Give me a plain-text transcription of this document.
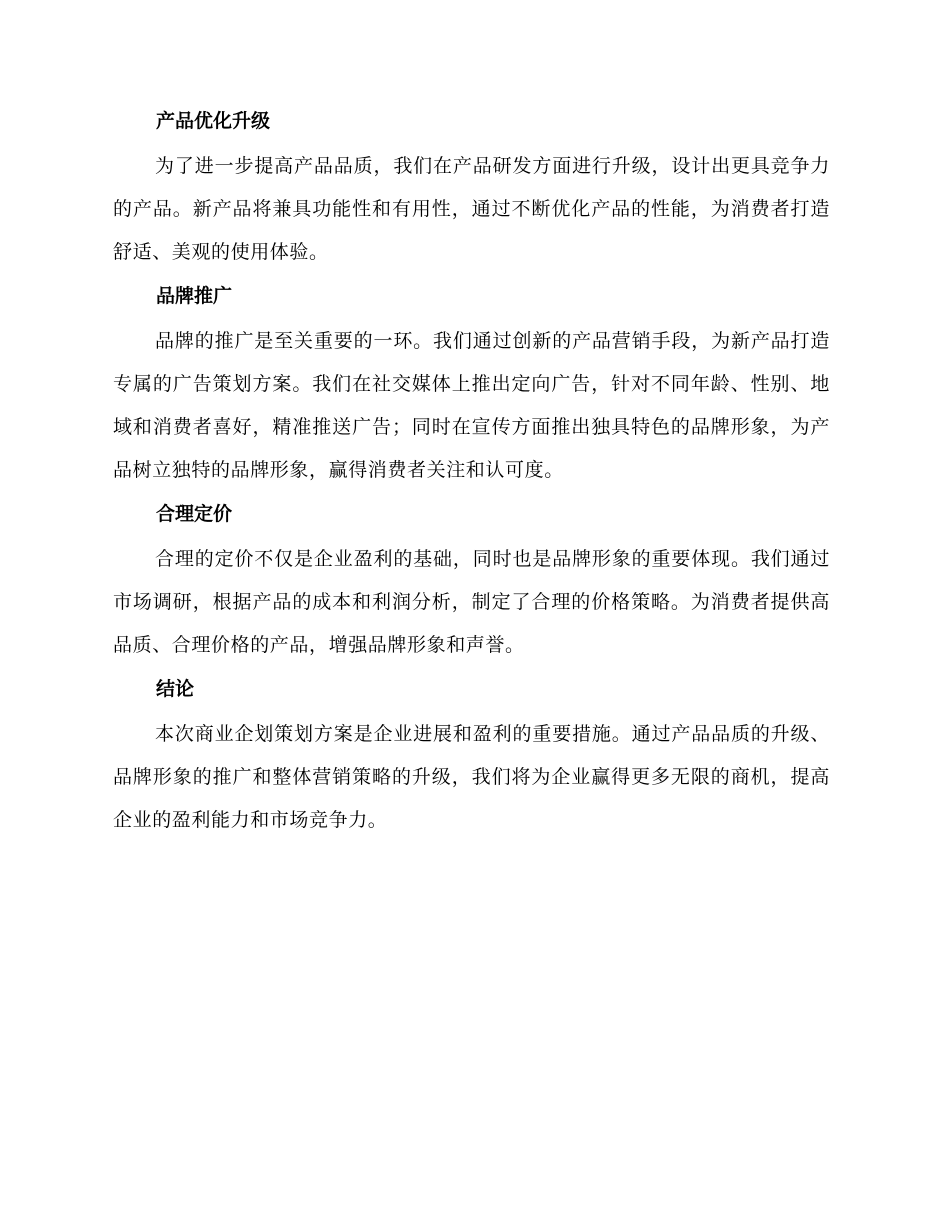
产品优化升级

为了进一步提高产品品质，我们在产品研发方面进行升级，设计出更具竞争力的产品。新产品将兼具功能性和有用性，通过不断优化产品的性能，为消费者打造舒适、美观的使用体验。

品牌推广

品牌的推广是至关重要的一环。我们通过创新的产品营销手段，为新产品打造专属的广告策划方案。我们在社交媒体上推出定向广告，针对不同年龄、性别、地域和消费者喜好，精准推送广告；同时在宣传方面推出独具特色的品牌形象，为产品树立独特的品牌形象，赢得消费者关注和认可度。

合理定价

合理的定价不仅是企业盈利的基础，同时也是品牌形象的重要体现。我们通过市场调研，根据产品的成本和利润分析，制定了合理的价格策略。为消费者提供高品质、合理价格的产品，增强品牌形象和声誉。

结论

本次商业企划策划方案是企业进展和盈利的重要措施。通过产品品质的升级、品牌形象的推广和整体营销策略的升级，我们将为企业赢得更多无限的商机，提高企业的盈利能力和市场竞争力。
